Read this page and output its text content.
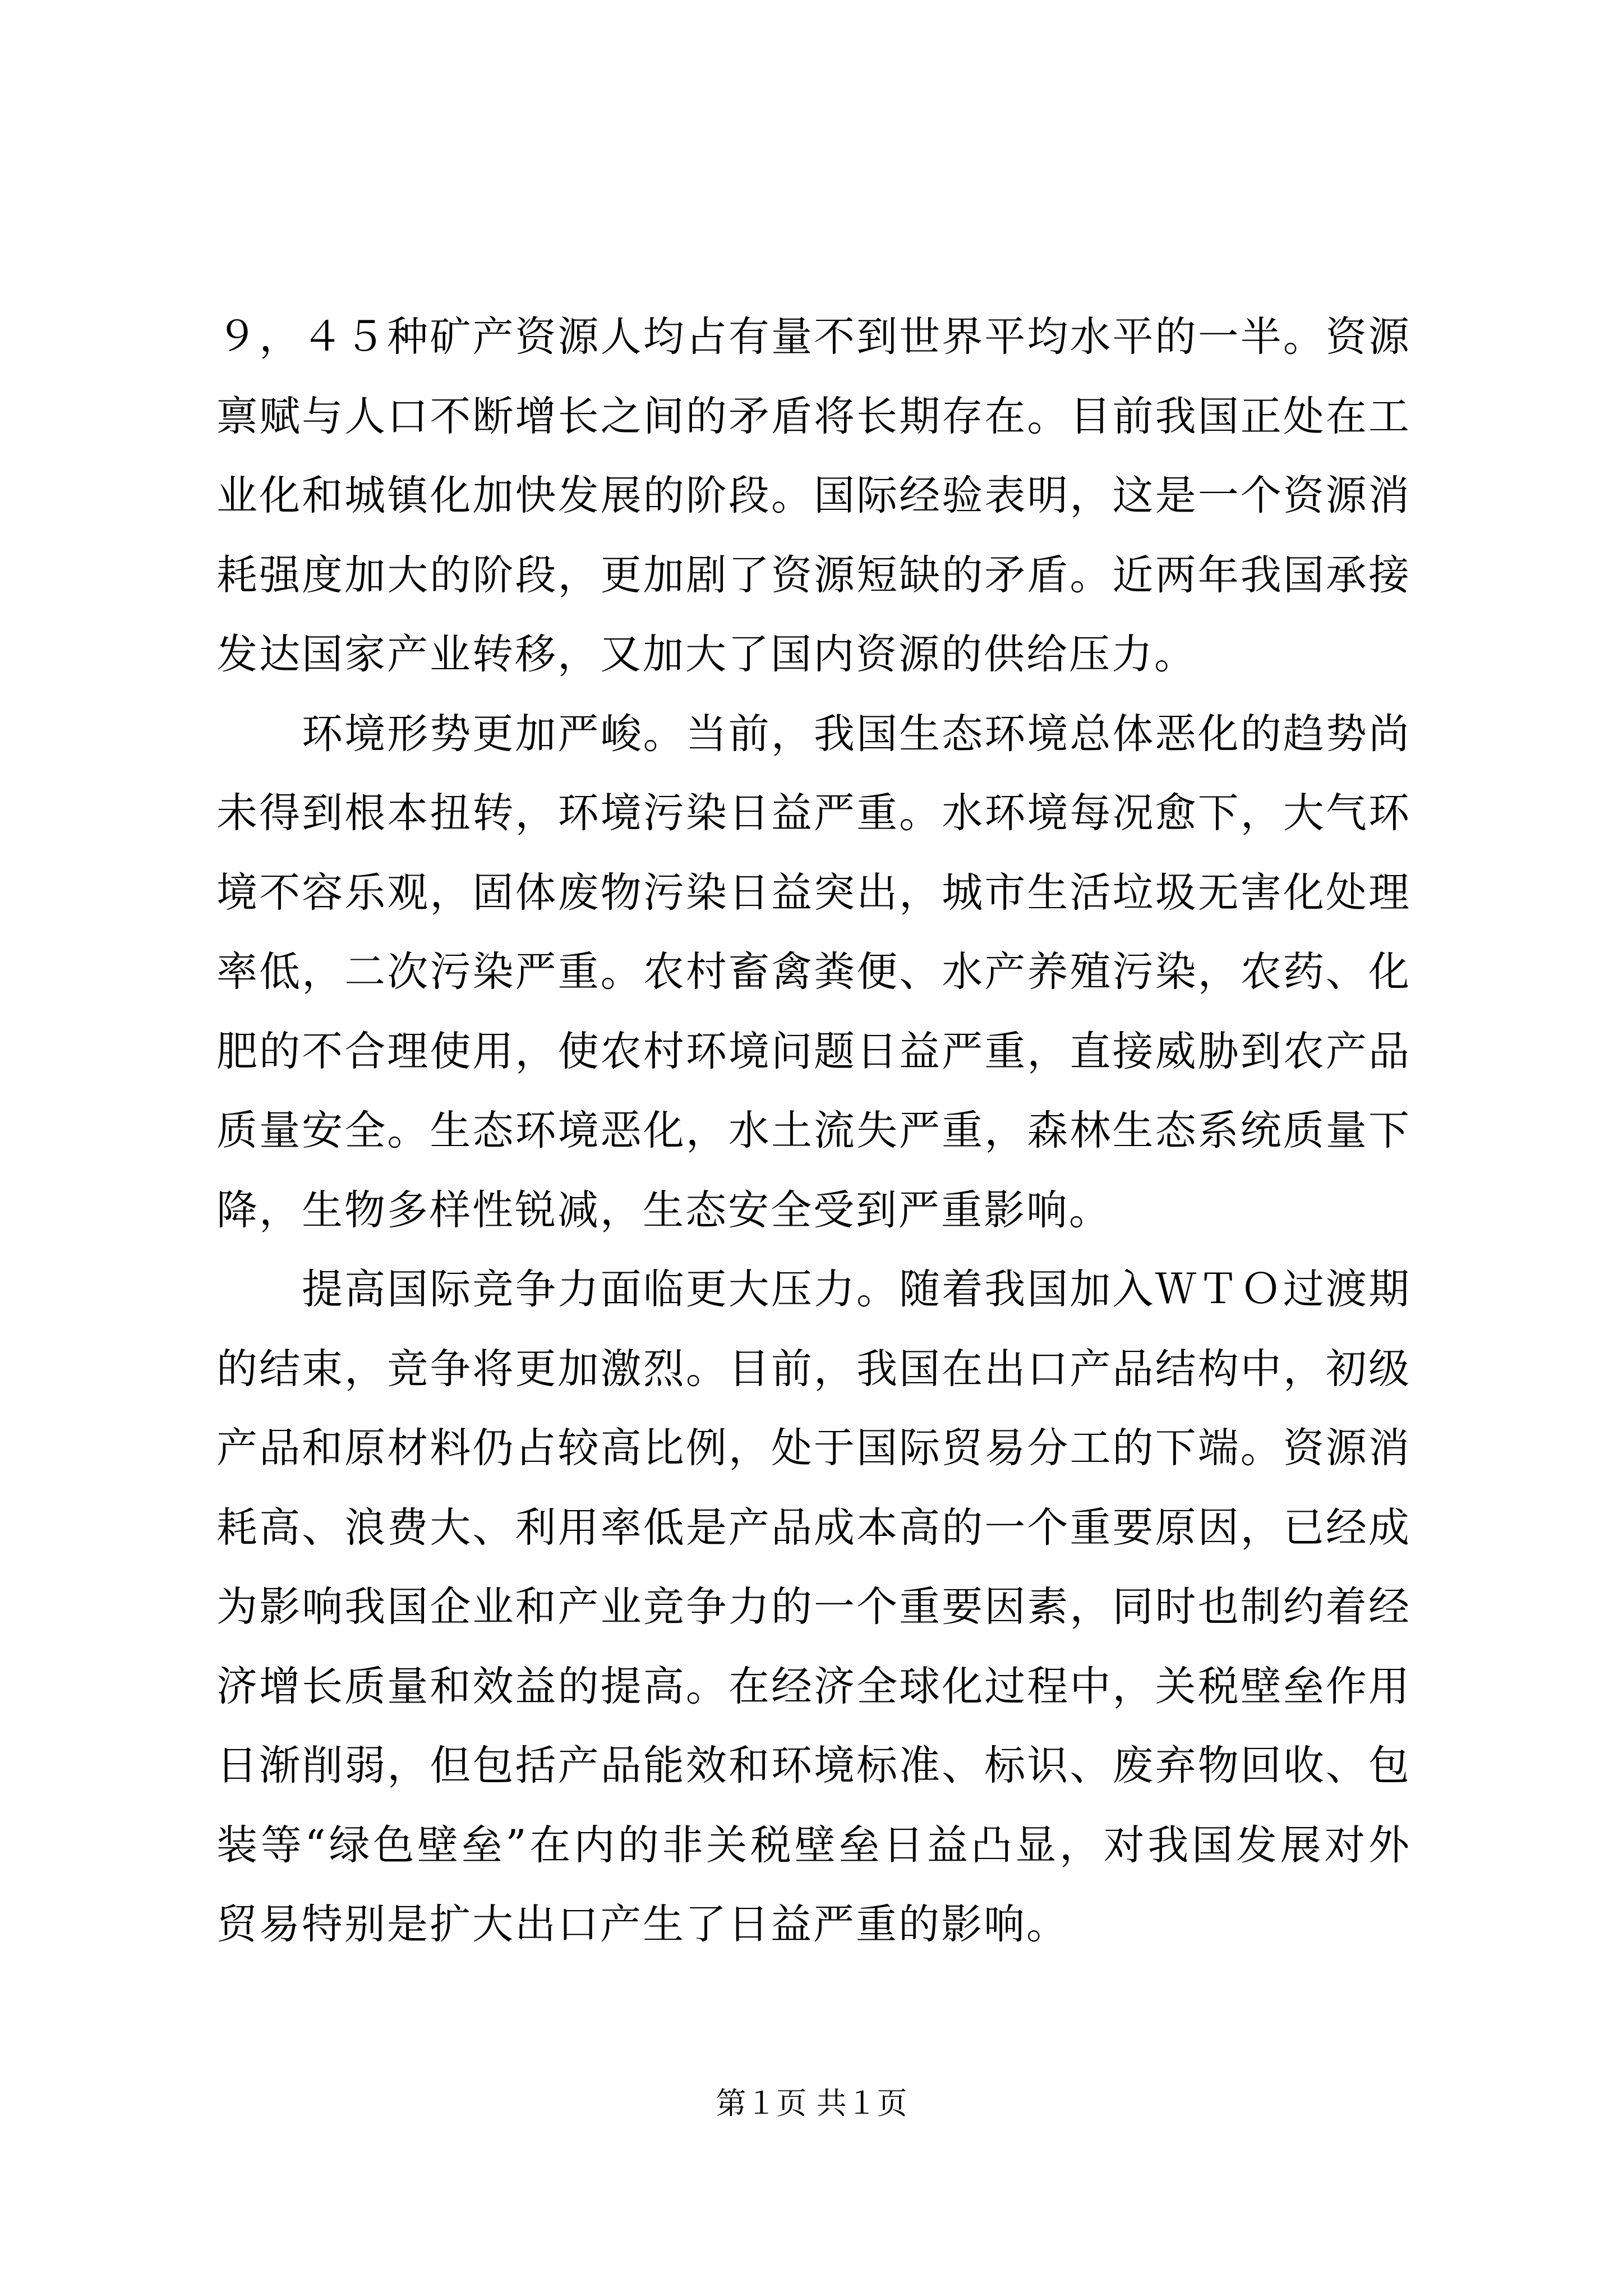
９，４５种矿产资源人均占有量不到世界平均水平的一半。资源禀赋与人口不断增长之间的矛盾将长期存在。目前我国正处在工业化和城镇化加快发展的阶段。国际经验表明，这是一个资源消耗强度加大的阶段，更加剧了资源短缺的矛盾。近两年我国承接发达国家产业转移，又加大了国内资源的供给压力。

环境形势更加严峻。当前，我国生态环境总体恶化的趋势尚未得到根本扭转，环境污染日益严重。水环境每况愈下，大气环境不容乐观，固体废物污染日益突出，城市生活垃圾无害化处理率低，二次污染严重。农村畜禽粪便、水产养殖污染，农药、化肥的不合理使用，使农村环境问题日益严重，直接威胁到农产品质量安全。生态环境恶化，水土流失严重，森林生态系统质量下降，生物多样性锐减，生态安全受到严重影响。

提高国际竞争力面临更大压力。随着我国加入ＷＴＯ过渡期的结束，竞争将更加激烈。目前，我国在出口产品结构中，初级产品和原材料仍占较高比例，处于国际贸易分工的下端。资源消耗高、浪费大、利用率低是产品成本高的一个重要原因，已经成为影响我国企业和产业竞争力的一个重要因素，同时也制约着经济增长质量和效益的提高。在经济全球化过程中，关税壁垒作用日渐削弱，但包括产品能效和环境标准、标识、废弃物回收、包装等“绿色壁垒”在内的非关税壁垒日益凸显，对我国发展对外贸易特别是扩大出口产生了日益严重的影响。

第１页 共１页
